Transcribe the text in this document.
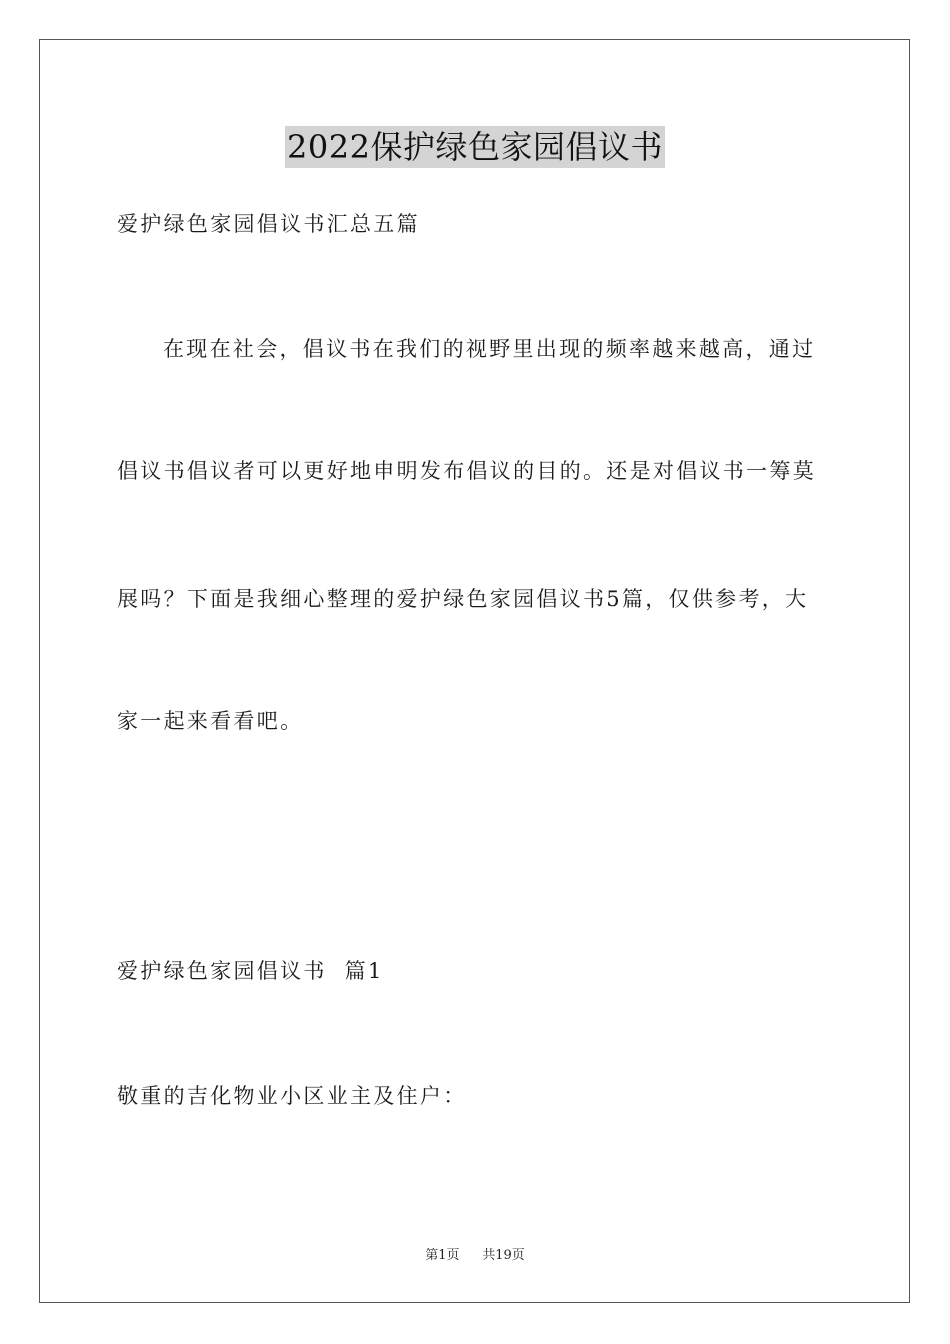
2022保护绿色家园倡议书
爱护绿色家园倡议书汇总五篇
在现在社会，倡议书在我们的视野里出现的频率越来越高，通过
倡议书倡议者可以更好地申明发布倡议的目的。还是对倡议书一筹莫
展吗？下面是我细心整理的爱护绿色家园倡议书5篇，仅供参考，大
家一起来看看吧。
爱护绿色家园倡议书  篇1
敬重的吉化物业小区业主及住户：
第1页 共19页
